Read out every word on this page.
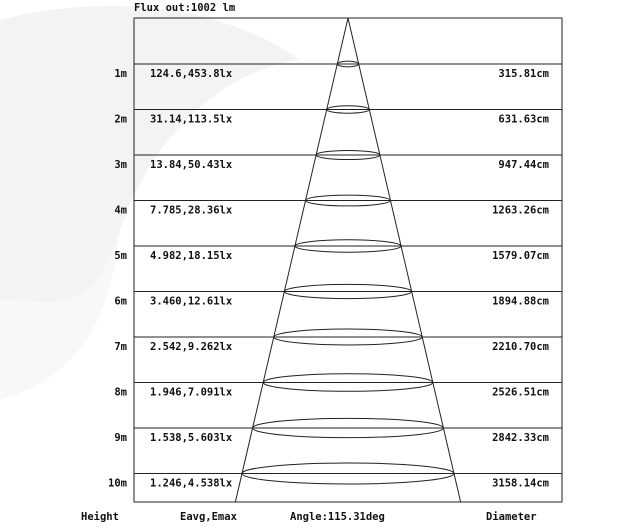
Flux out:1002 lm
1m 124.6,453.8lx	315.81cm
2m 31.14,113.5lx	631.63cm
3m 13.84,50.43lx	947.44cm
4m 7.785,28.36lx	1263.26cm
5m 4.982,18.15lx	1579.07cm
6m 3.460,12.61lx	1894.88cm
7m 2.542,9.262lx	2210.70cm
8m 1.946,7.091lx	2526.51cm
9m 1.538,5.603lx	2842.33cm
10m 1.246,4.538lx	3158.14cm
Height	Eavg,Emax	Angle:115.31deg	Diameter
